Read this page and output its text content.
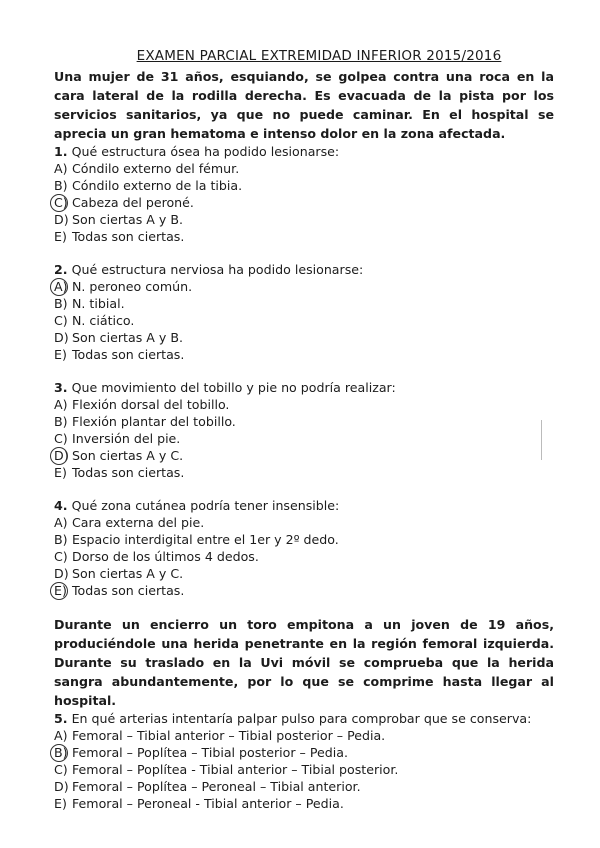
EXAMEN PARCIAL EXTREMIDAD INFERIOR 2015/2016

Una mujer de 31 años, esquiando, se golpea contra una roca en la cara lateral de la rodilla derecha. Es evacuada de la pista por los servicios sanitarios, ya que no puede caminar. En el hospital se aprecia un gran hematoma e intenso dolor en la zona afectada.

1. Qué estructura ósea ha podido lesionarse:

A) Cóndilo externo del fémur.

B) Cóndilo externo de la tibia.

C) Cabeza del peroné.

D) Son ciertas A y B.

E) Todas son ciertas.

2. Qué estructura nerviosa ha podido lesionarse:

A) N. peroneo común.

B) N. tibial.

C) N. ciático.

D) Son ciertas A y B.

E) Todas son ciertas.

3. Que movimiento del tobillo y pie no podría realizar:

A) Flexión dorsal del tobillo.

B) Flexión plantar del tobillo.

C) Inversión del pie.

D) Son ciertas A y C.

E) Todas son ciertas.

4. Qué zona cutánea podría tener insensible:

A) Cara externa del pie.

B) Espacio interdigital entre el 1er y 2º dedo.

C) Dorso de los últimos 4 dedos.

D) Son ciertas A y C.

E) Todas son ciertas.

Durante un encierro un toro empitona a un joven de 19 años, produciéndole una herida penetrante en la región femoral izquierda. Durante su traslado en la Uvi móvil se comprueba que la herida sangra abundantemente, por lo que se comprime hasta llegar al hospital.

5. En qué arterias intentaría palpar pulso para comprobar que se conserva:

A) Femoral – Tibial anterior – Tibial posterior – Pedia.

B) Femoral – Poplítea – Tibial posterior – Pedia.

C) Femoral – Poplítea - Tibial anterior – Tibial posterior.

D) Femoral – Poplítea – Peroneal – Tibial anterior.

E) Femoral – Peroneal - Tibial anterior – Pedia.
